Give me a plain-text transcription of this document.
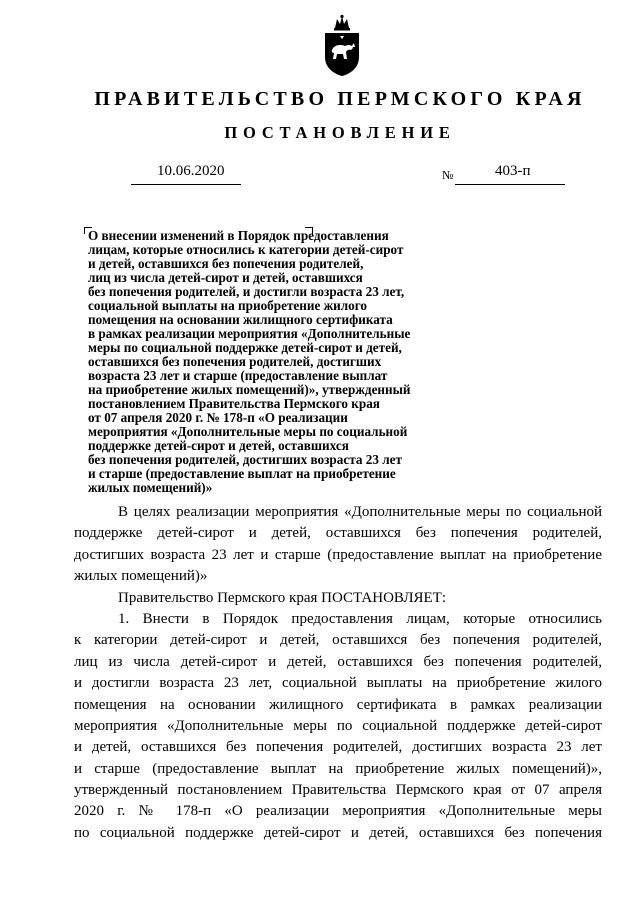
ПРАВИТЕЛЬСТВО ПЕРМСКОГО КРАЯ
ПОСТАНОВЛЕНИЕ
10.06.2020	№	403-п
О внесении изменений в Порядок предоставления
лицам, которые относились к категории детей-сирот
и детей, оставшихся без попечения родителей,
лиц из числа детей-сирот и детей, оставшихся
без попечения родителей, и достигли возраста 23 лет,
социальной выплаты на приобретение жилого
помещения на основании жилищного сертификата
в рамках реализации мероприятия «Дополнительные
меры по социальной поддержке детей-сирот и детей,
оставшихся без попечения родителей, достигших
возраста 23 лет и старше (предоставление выплат
на приобретение жилых помещений)», утвержденный
постановлением Правительства Пермского края
от 07 апреля 2020 г. № 178-п «О реализации
мероприятия «Дополнительные меры по социальной
поддержке детей-сирот и детей, оставшихся
без попечения родителей, достигших возраста 23 лет
и старше (предоставление выплат на приобретение
жилых помещений)»
В целях реализации мероприятия «Дополнительные меры по социальной
поддержке детей-сирот и детей, оставшихся без попечения родителей,
достигших возраста 23 лет и старше (предоставление выплат на приобретение
жилых помещений)»
Правительство Пермского края ПОСТАНОВЛЯЕТ:
1. Внести в Порядок предоставления лицам, которые относились
к категории детей-сирот и детей, оставшихся без попечения родителей,
лиц из числа детей-сирот и детей, оставшихся без попечения родителей,
и достигли возраста 23 лет, социальной выплаты на приобретение жилого
помещения на основании жилищного сертификата в рамках реализации
мероприятия «Дополнительные меры по социальной поддержке детей-сирот
и детей, оставшихся без попечения родителей, достигших возраста 23 лет
и старше (предоставление выплат на приобретение жилых помещений)»,
утвержденный постановлением Правительства Пермского края от 07 апреля
2020 г. № 178-п «О реализации мероприятия «Дополнительные меры
по социальной поддержке детей-сирот и детей, оставшихся без попечения
